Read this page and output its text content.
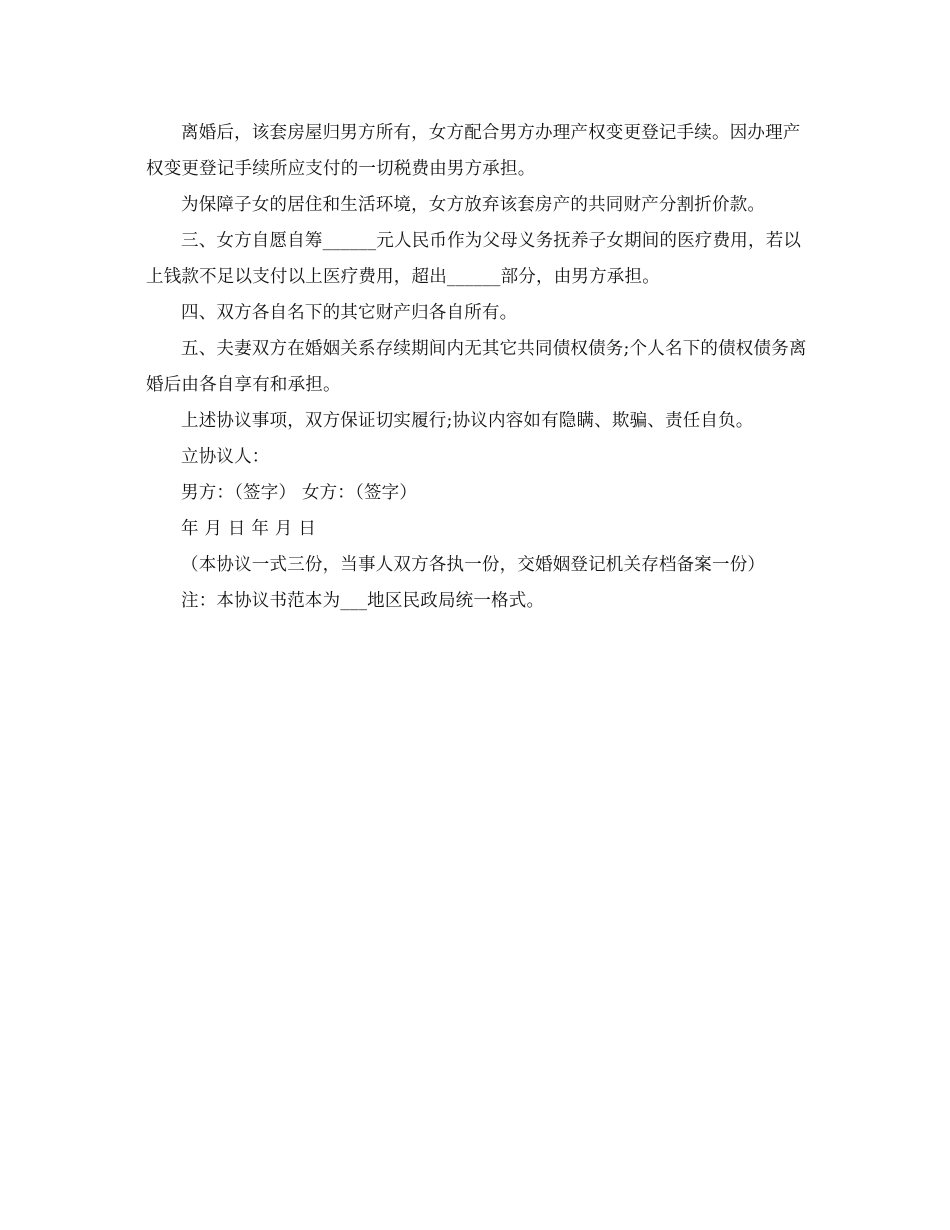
离婚后，该套房屋归男方所有，女方配合男方办理产权变更登记手续。因办理产权变更登记手续所应支付的一切税费由男方承担。

为保障子女的居住和生活环境，女方放弃该套房产的共同财产分割折价款。

三、女方自愿自筹______元人民币作为父母义务抚养子女期间的医疗费用，若以上钱款不足以支付以上医疗费用，超出______部分，由男方承担。

四、双方各自名下的其它财产归各自所有。

五、夫妻双方在婚姻关系存续期间内无其它共同债权债务;个人名下的债权债务离婚后由各自享有和承担。

上述协议事项，双方保证切实履行;协议内容如有隐瞒、欺骗、责任自负。

立协议人：

男方：（签字） 女方：（签字）

年 月 日 年 月 日

（本协议一式三份，当事人双方各执一份，交婚姻登记机关存档备案一份）

注：本协议书范本为___地区民政局统一格式。
